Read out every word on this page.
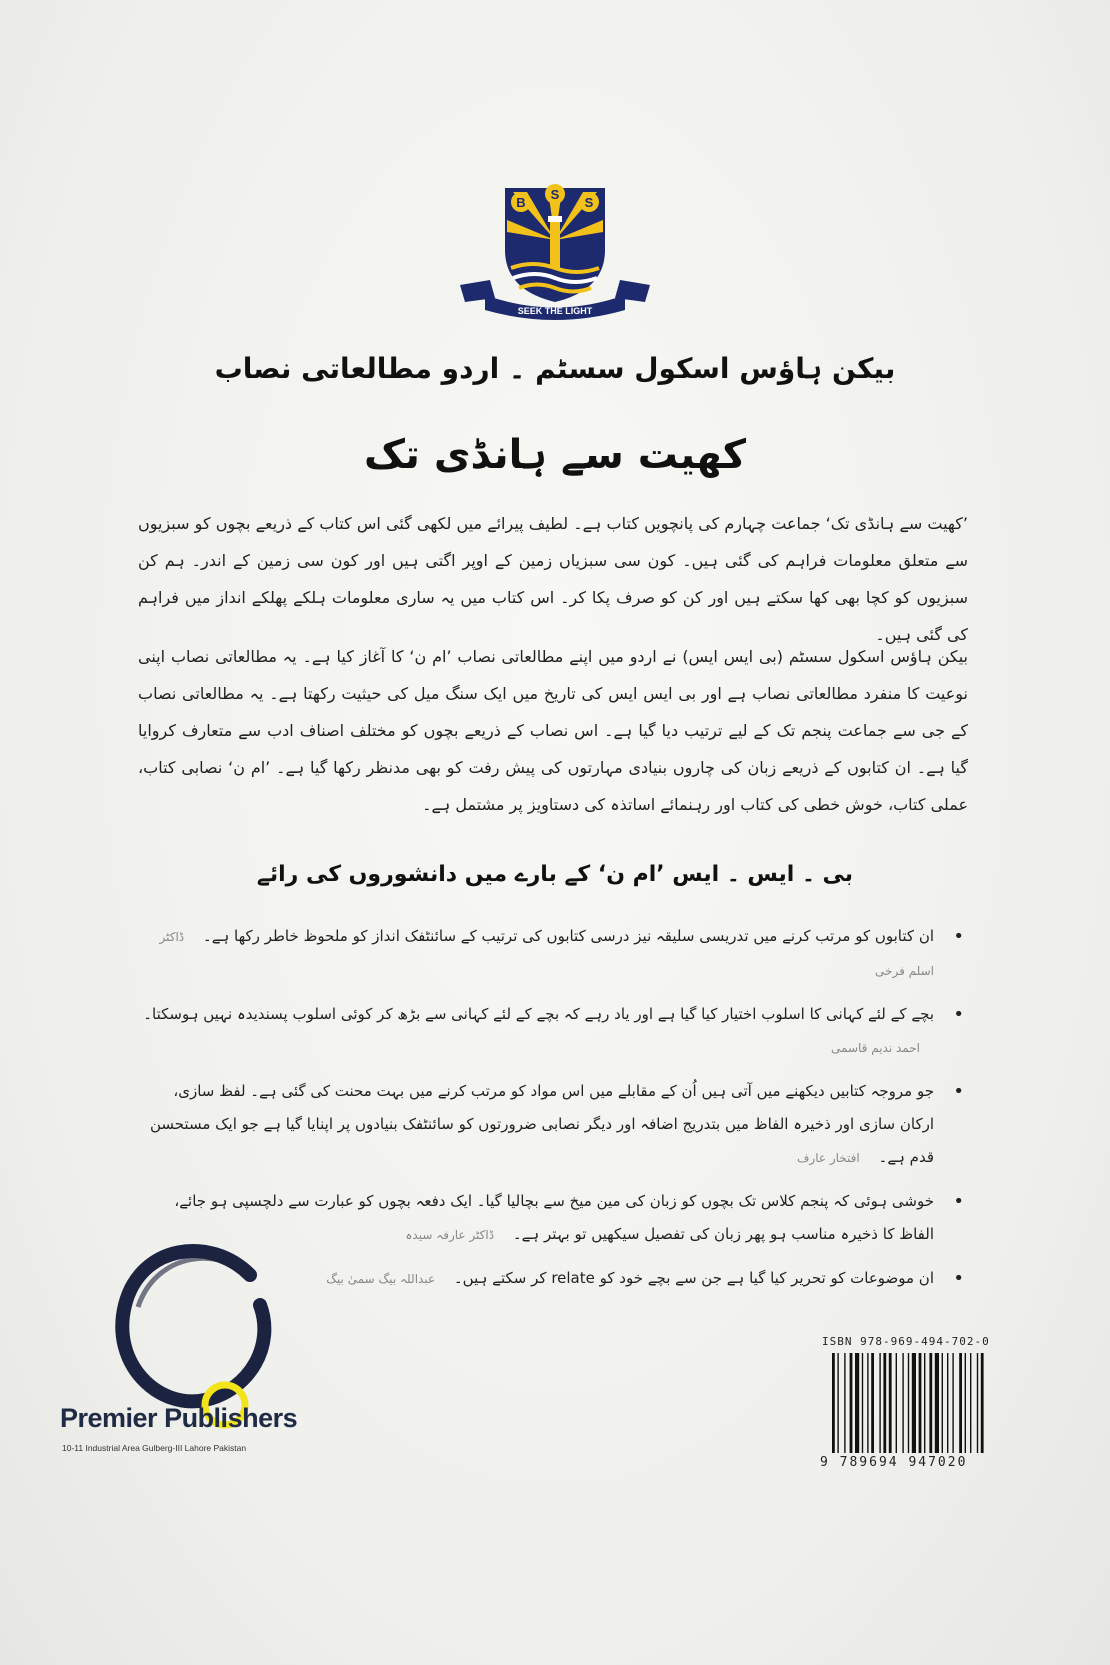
B
S
S
SEEK THE LIGHT
بیکن ہاؤس اسکول سسٹم ۔ اردو مطالعاتی نصاب
کھیت سے ہانڈی تک
’کھیت سے ہانڈی تک‘ جماعت چہارم کی پانچویں کتاب ہے۔ لطیف پیرائے میں لکھی گئی اس کتاب کے ذریعے بچوں کو سبزیوں سے متعلق معلومات فراہم کی گئی ہیں۔ کون سی سبزیاں زمین کے اوپر اگتی ہیں اور کون سی زمین کے اندر۔ ہم کن سبزیوں کو کچا بھی کھا سکتے ہیں اور کن کو صرف پکا کر۔ اس کتاب میں یہ ساری معلومات ہلکے پھلکے انداز میں فراہم کی گئی ہیں۔
بیکن ہاؤس اسکول سسٹم (بی ایس ایس) نے اردو میں اپنے مطالعاتی نصاب ’ام ن‘ کا آغاز کیا ہے۔ یہ مطالعاتی نصاب اپنی نوعیت کا منفرد مطالعاتی نصاب ہے اور بی ایس ایس کی تاریخ میں ایک سنگ میل کی حیثیت رکھتا ہے۔ یہ مطالعاتی نصاب کے جی سے جماعت پنجم تک کے لیے ترتیب دیا گیا ہے۔ اس نصاب کے ذریعے بچوں کو مختلف اصناف ادب سے متعارف کروایا گیا ہے۔ ان کتابوں کے ذریعے زبان کی چاروں بنیادی مہارتوں کی پیش رفت کو بھی مدنظر رکھا گیا ہے۔ ’ام ن‘ نصابی کتاب، عملی کتاب، خوش خطی کی کتاب اور رہنمائے اساتذہ کی دستاویز پر مشتمل ہے۔
بی ۔ ایس ۔ ایس ’ام ن‘ کے بارے میں دانشوروں کی رائے
•
ان کتابوں کو مرتب کرنے میں تدریسی سلیقہ نیز درسی کتابوں کی ترتیب کے سائنٹفک انداز کو ملحوظ خاطر رکھا ہے۔ ڈاکٹر اسلم فرخی
•
بچے کے لئے کہانی کا اسلوب اختیار کیا گیا ہے اور یاد رہے کہ بچے کے لئے کہانی سے بڑھ کر کوئی اسلوب پسندیدہ نہیں ہوسکتا۔ احمد ندیم قاسمی
•
جو مروجہ کتابیں دیکھنے میں آتی ہیں اُن کے مقابلے میں اس مواد کو مرتب کرنے میں بہت محنت کی گئی ہے۔ لفظ سازی، ارکان سازی اور ذخیرہ الفاظ میں بتدریج اضافہ اور دیگر نصابی ضرورتوں کو سائنٹفک بنیادوں پر اپنایا گیا ہے جو ایک مستحسن قدم ہے۔ افتخار عارف
•
خوشی ہوئی کہ پنجم کلاس تک بچوں کو زبان کی مین میخ سے بچالیا گیا۔ ایک دفعہ بچوں کو عبارت سے دلچسپی ہو جائے، الفاظ کا ذخیرہ مناسب ہو پھر زبان کی تفصیل سیکھیں تو بہتر ہے۔ ڈاکٹر عارفہ سیدہ
•
ان موضوعات کو تحریر کیا گیا ہے جن سے بچے خود کو relate کر سکتے ہیں۔ عبداللہ بیگ سمیٰ بیگ
Premier Publishers
10-11 Industrial Area Gulberg-III Lahore Pakistan
ISBN 978-969-494-702-0
9 789694 947020
